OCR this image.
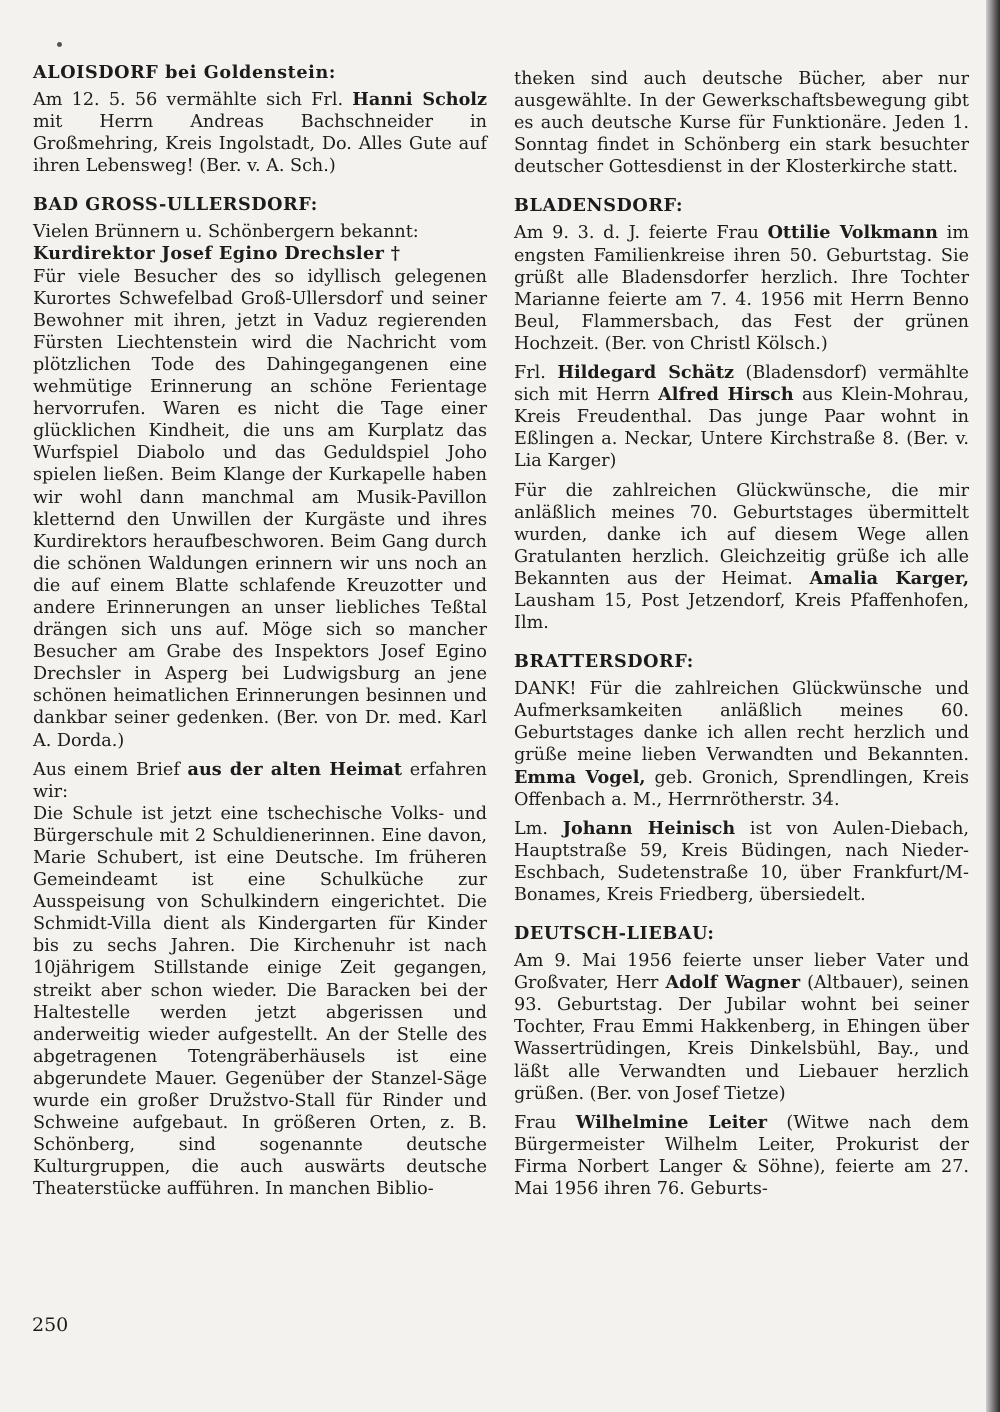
ALOISDORF bei Goldenstein:

Am 12. 5. 56 vermählte sich Frl. Hanni Scholz mit Herrn Andreas Bachschneider in Großmehring, Kreis Ingolstadt, Do. Alles Gute auf ihren Lebensweg! (Ber. v. A. Sch.)

BAD GROSS-ULLERSDORF:

Vielen Brünnern u. Schönbergern bekannt:

Kurdirektor Josef Egino Drechsler †

Für viele Besucher des so idyllisch gelegenen Kurortes Schwefelbad Groß-Ullersdorf und seiner Bewohner mit ihren, jetzt in Vaduz regierenden Fürsten Liechtenstein wird die Nachricht vom plötzlichen Tode des Dahingegangenen eine wehmütige Erinnerung an schöne Ferientage hervorrufen. Waren es nicht die Tage einer glücklichen Kindheit, die uns am Kurplatz das Wurfspiel Diabolo und das Geduldspiel Joho spielen ließen. Beim Klange der Kurkapelle haben wir wohl dann manchmal am Musik-Pavillon kletternd den Unwillen der Kurgäste und ihres Kurdirektors heraufbeschworen. Beim Gang durch die schönen Waldungen erinnern wir uns noch an die auf einem Blatte schlafende Kreuzotter und andere Erinnerungen an unser liebliches Teßtal drängen sich uns auf. Möge sich so mancher Besucher am Grabe des Inspektors Josef Egino Drechsler in Asperg bei Ludwigsburg an jene schönen heimatlichen Erinnerungen besinnen und dankbar seiner gedenken. (Ber. von Dr. med. Karl A. Dorda.)

Aus einem Brief aus der alten Heimat erfahren wir:

Die Schule ist jetzt eine tschechische Volks- und Bürgerschule mit 2 Schuldienerinnen. Eine davon, Marie Schubert, ist eine Deutsche. Im früheren Gemeindeamt ist eine Schulküche zur Ausspeisung von Schulkindern eingerichtet. Die Schmidt-Villa dient als Kindergarten für Kinder bis zu sechs Jahren. Die Kirchenuhr ist nach 10jährigem Stillstande einige Zeit gegangen, streikt aber schon wieder. Die Baracken bei der Haltestelle werden jetzt abgerissen und anderweitig wieder aufgestellt. An der Stelle des abgetragenen Totengräberhäusels ist eine abgerundete Mauer. Gegenüber der Stanzel-Säge wurde ein großer Družstvo-Stall für Rinder und Schweine aufgebaut. In größeren Orten, z. B. Schönberg, sind sogenannte deutsche Kulturgruppen, die auch auswärts deutsche Theaterstücke aufführen. In manchen Biblio-

theken sind auch deutsche Bücher, aber nur ausgewählte. In der Gewerkschaftsbewegung gibt es auch deutsche Kurse für Funktionäre. Jeden 1. Sonntag findet in Schönberg ein stark besuchter deutscher Gottesdienst in der Klosterkirche statt.

BLADENSDORF:

Am 9. 3. d. J. feierte Frau Ottilie Volkmann im engsten Familienkreise ihren 50. Geburtstag. Sie grüßt alle Bladensdorfer herzlich. Ihre Tochter Marianne feierte am 7. 4. 1956 mit Herrn Benno Beul, Flammersbach, das Fest der grünen Hochzeit. (Ber. von Christl Kölsch.)

Frl. Hildegard Schätz (Bladensdorf) vermählte sich mit Herrn Alfred Hirsch aus Klein-Mohrau, Kreis Freudenthal. Das junge Paar wohnt in Eßlingen a. Neckar, Untere Kirchstraße 8. (Ber. v. Lia Karger)

Für die zahlreichen Glückwünsche, die mir anläßlich meines 70. Geburtstages übermittelt wurden, danke ich auf diesem Wege allen Gratulanten herzlich. Gleichzeitig grüße ich alle Bekannten aus der Heimat. Amalia Karger, Lausham 15, Post Jetzendorf, Kreis Pfaffenhofen, Ilm.

BRATTERSDORF:

DANK! Für die zahlreichen Glückwünsche und Aufmerksamkeiten anläßlich meines 60. Geburtstages danke ich allen recht herzlich und grüße meine lieben Verwandten und Bekannten. Emma Vogel, geb. Gronich, Sprendlingen, Kreis Offenbach a. M., Herrnrötherstr. 34.

Lm. Johann Heinisch ist von Aulen-Diebach, Hauptstraße 59, Kreis Büdingen, nach Nieder-Eschbach, Sudetenstraße 10, über Frankfurt/M-Bonames, Kreis Friedberg, übersiedelt.

DEUTSCH-LIEBAU:

Am 9. Mai 1956 feierte unser lieber Vater und Großvater, Herr Adolf Wagner (Altbauer), seinen 93. Geburtstag. Der Jubilar wohnt bei seiner Tochter, Frau Emmi Hakkenberg, in Ehingen über Wassertrüdingen, Kreis Dinkelsbühl, Bay., und läßt alle Verwandten und Liebauer herzlich grüßen. (Ber. von Josef Tietze)

Frau Wilhelmine Leiter (Witwe nach dem Bürgermeister Wilhelm Leiter, Prokurist der Firma Norbert Langer & Söhne), feierte am 27. Mai 1956 ihren 76. Geburts-

250
